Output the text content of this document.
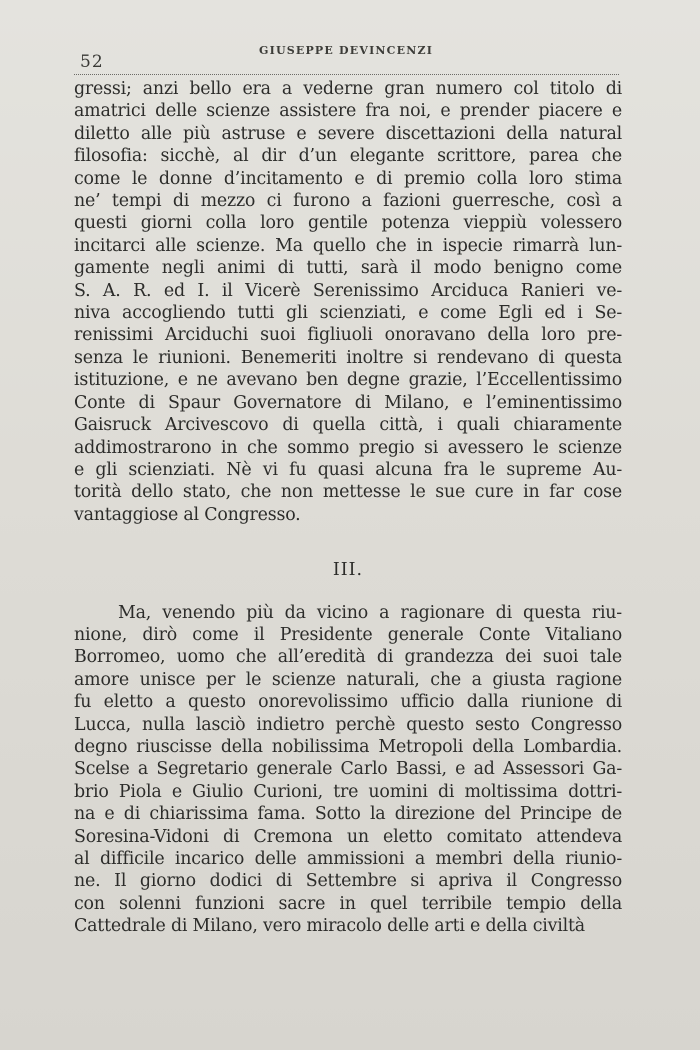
52
GIUSEPPE DEVINCENZI
gressi; anzi bello era a vederne gran numero col titolo di
amatrici delle scienze assistere fra noi, e prender piacere e
diletto alle più astruse e severe discettazioni della natural
filosofia: sicchè, al dir d’un elegante scrittore, parea che
come le donne d’incitamento e di premio colla loro stima
ne’ tempi di mezzo ci furono a fazioni guerresche, così a
questi giorni colla loro gentile potenza vieppiù volessero
incitarci alle scienze. Ma quello che in ispecie rimarrà lun-
gamente negli animi di tutti, sarà il modo benigno come
S. A. R. ed I. il Vicerè Serenissimo Arciduca Ranieri ve-
niva accogliendo tutti gli scienziati, e come Egli ed i Se-
renissimi Arciduchi suoi figliuoli onoravano della loro pre-
senza le riunioni. Benemeriti inoltre si rendevano di questa
istituzione, e ne avevano ben degne grazie, l’Eccellentissimo
Conte di Spaur Governatore di Milano, e l’eminentissimo
Gaisruck Arcivescovo di quella città, i quali chiaramente
addimostrarono in che sommo pregio si avessero le scienze
e gli scienziati. Nè vi fu quasi alcuna fra le supreme Au-
torità dello stato, che non mettesse le sue cure in far cose
vantaggiose al Congresso.
III.
Ma, venendo più da vicino a ragionare di questa riu-
nione, dirò come il Presidente generale Conte Vitaliano
Borromeo, uomo che all’eredità di grandezza dei suoi tale
amore unisce per le scienze naturali, che a giusta ragione
fu eletto a questo onorevolissimo ufficio dalla riunione di
Lucca, nulla lasciò indietro perchè questo sesto Congresso
degno riuscisse della nobilissima Metropoli della Lombardia.
Scelse a Segretario generale Carlo Bassi, e ad Assessori Ga-
brio Piola e Giulio Curioni, tre uomini di moltissima dottri-
na e di chiarissima fama. Sotto la direzione del Principe de
Soresina-Vidoni di Cremona un eletto comitato attendeva
al difficile incarico delle ammissioni a membri della riunio-
ne. Il giorno dodici di Settembre si apriva il Congresso
con solenni funzioni sacre in quel terribile tempio della
Cattedrale di Milano, vero miracolo delle arti e della civiltà
